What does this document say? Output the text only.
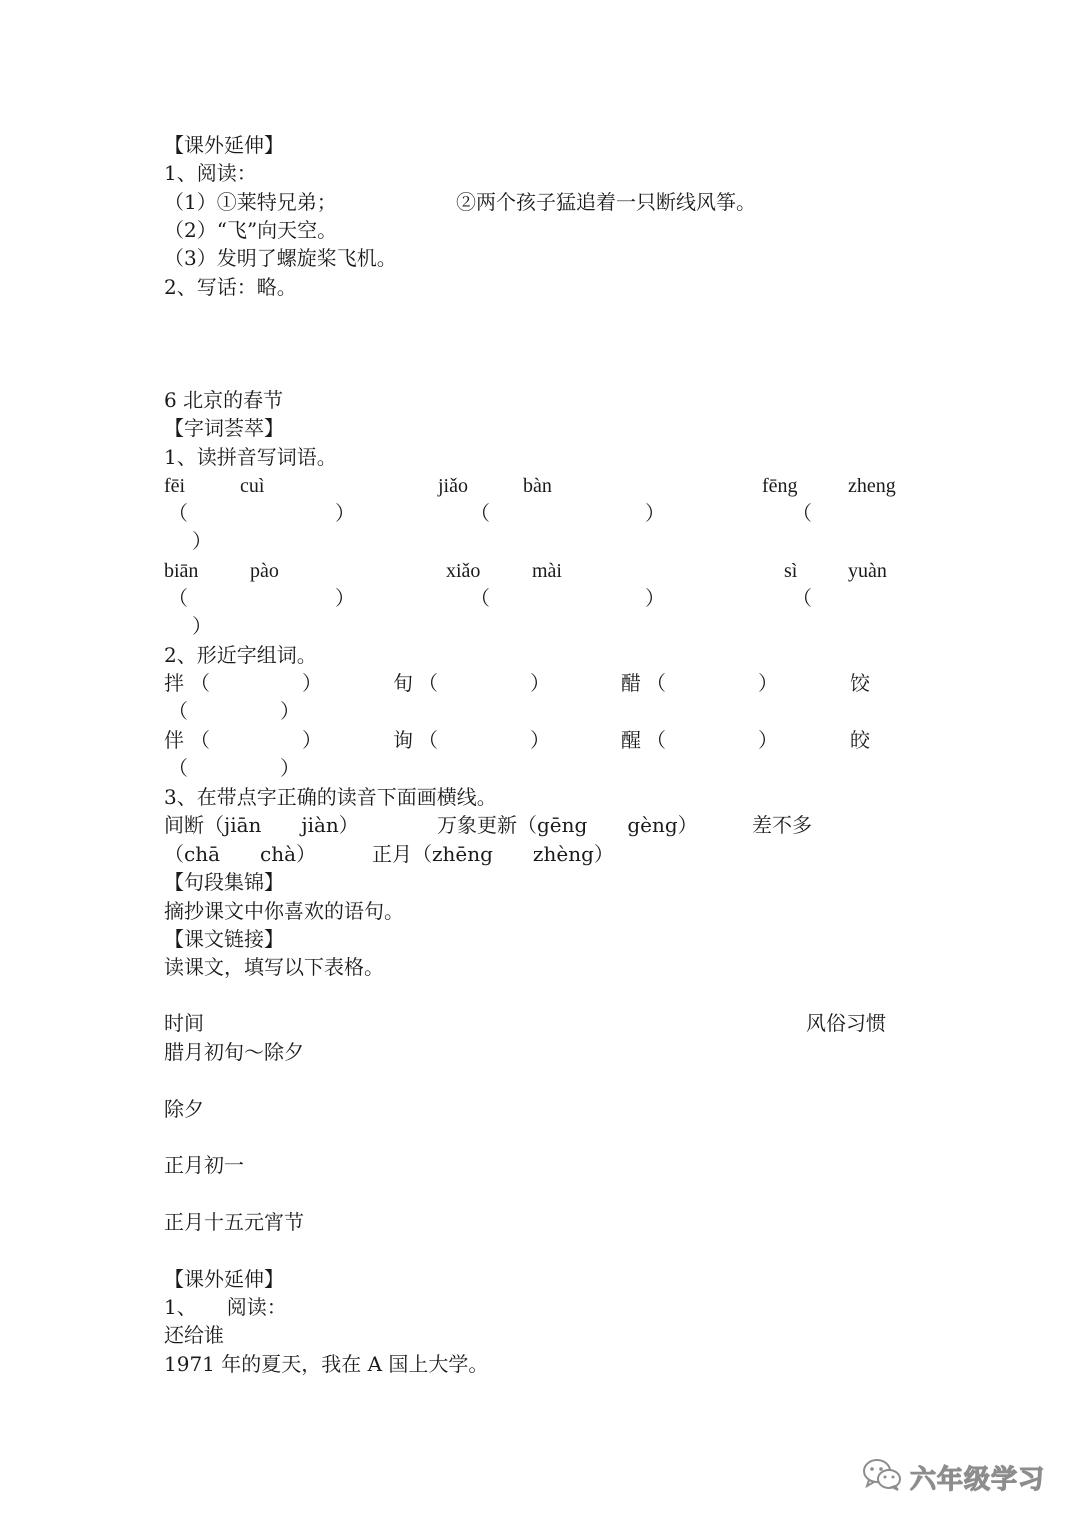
【课外延伸】
1、阅读：
（1）①莱特兄弟；	②两个孩子猛追着一只断线风筝。
（2）“飞”向天空。
（3）发明了螺旋桨飞机。
2、写话：略。
6 北京的春节
【字词荟萃】
1、读拼音写词语。
fēi	cuì	jiǎo	bàn	fēng	zheng
（	）	（	）	（
）
biān	pào	xiǎo	mài	sì	yuàn
（	）	（	）	（
）
2、形近字组词。
拌 （	）	旬 （	）	醋 （	）	饺
（	）
伴 （	）	询 （	）	醒 （	）	皎
（	）
3、在带点字正确的读音下面画横线。
间断（jiān　　jiàn）	万象更新（gēng　　gèng）	差不多
（chā　　chà）	正月（zhēng　　zhèng）
【句段集锦】
摘抄课文中你喜欢的语句。
【课文链接】
读课文，填写以下表格。
时间	风俗习惯
腊月初旬～除夕
除夕
正月初一
正月十五元宵节
【课外延伸】
1、　　阅读：
还给谁
1971 年的夏天，我在 A 国上大学。
六年级学习
